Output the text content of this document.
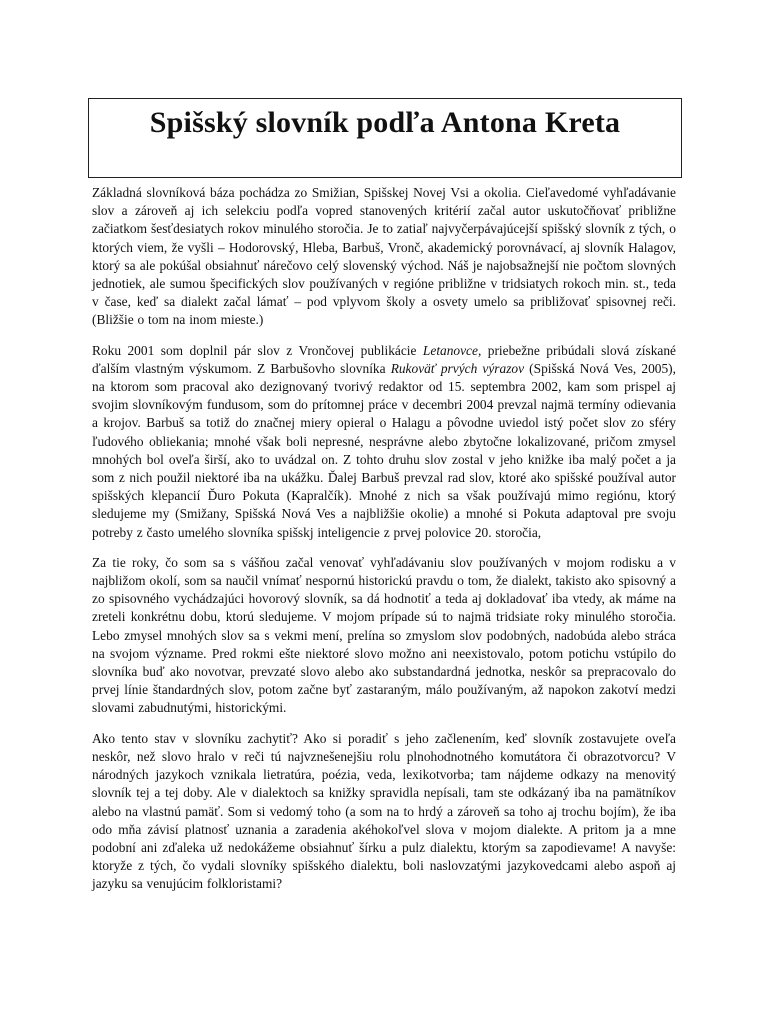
Spišský slovník podľa Antona Kreta

Základná slovníková báza pochádza zo Smižian, Spišskej Novej Vsi a okolia. Cieľavedomé vyhľadávanie slov a zároveň aj ich selekciu podľa vopred stanovených kritérií začal autor uskutočňovať približne začiatkom šesťdesiatych rokov minulého storočia. Je to zatiaľ najvyčerpávajúcejší spišský slovník z tých, o ktorých viem, že vyšli – Hodorovský, Hleba, Barbuš, Vronč, akademický porovnávací, aj slovník Halagov, ktorý sa ale pokúšal obsiahnuť nárečovo celý slovenský východ. Náš je najobsažnejší nie počtom slovných jednotiek, ale sumou špecifických slov používaných v regióne približne v tridsiatych rokoch min. st., teda v čase, keď sa dialekt začal lámať – pod vplyvom školy a osvety umelo sa približovať spisovnej reči. (Bližšie o tom na inom mieste.)

Roku 2001 som doplnil pár slov z Vrončovej publikácie Letanovce, priebežne pribúdali slová získané ďalším vlastným výskumom. Z Barbušovho slovníka Rukoväť prvých výrazov (Spišská Nová Ves, 2005), na ktorom som pracoval ako dezignovaný tvorivý redaktor od 15. septembra 2002, kam som prispel aj svojim slovníkovým fundusom, som do prítomnej práce v decembri 2004 prevzal najmä termíny odievania a krojov. Barbuš sa totiž do značnej miery opieral o Halagu a pôvodne uviedol istý počet slov zo sféry ľudového obliekania; mnohé však boli nepresné, nesprávne alebo zbytočne lokalizované, pričom zmysel mnohých bol oveľa širší, ako to uvádzal on. Z tohto druhu slov zostal v jeho knižke iba malý počet a ja som z nich použil niektoré iba na ukážku. Ďalej Barbuš prevzal rad slov, ktoré ako spišské používal autor spišských klepancií Ďuro Pokuta (Kapralčík). Mnohé z nich sa však používajú mimo regiónu, ktorý sledujeme my (Smižany, Spišská Nová Ves a najbližšie okolie) a mnohé si Pokuta adaptoval pre svoju potreby z často umelého slovníka spišskj inteligencie z prvej polovice 20. storočia,

Za tie roky, čo som sa s vášňou začal venovať vyhľadávaniu slov používaných v mojom rodisku a v najbližom okolí, som sa naučil vnímať nespornú historickú pravdu o tom, že dialekt, takisto ako spisovný a zo spisovného vychádzajúci hovorový slovník, sa dá hodnotiť a teda aj dokladovať iba vtedy, ak máme na zreteli konkrétnu dobu, ktorú sledujeme. V mojom prípade sú to najmä tridsiate roky minulého storočia. Lebo zmysel mnohých slov sa s vekmi mení, prelína so zmyslom slov podobných, nadobúda alebo stráca na svojom význame. Pred rokmi ešte niektoré slovo možno ani neexistovalo, potom potichu vstúpilo do slovníka buď ako novotvar, prevzaté slovo alebo ako substandardná jednotka, neskôr sa prepracovalo do prvej línie štandardných slov, potom začne byť zastaraným, málo používaným, až napokon zakotví medzi slovami zabudnutými, historickými.

Ako tento stav v slovníku zachytiť? Ako si poradiť s jeho začlenením, keď slovník zostavujete oveľa neskôr, než slovo hralo v reči tú najvznešenejšiu rolu plnohodnotného komutátora či obrazotvorcu? V národných jazykoch vznikala lietratúra, poézia, veda, lexikotvorba; tam nájdeme odkazy na menovitý slovník tej a tej doby. Ale v dialektoch sa knižky spravidla nepísali, tam ste odkázaný iba na pamätníkov alebo na vlastnú pamäť. Som si vedomý toho (a som na to hrdý a zároveň sa toho aj trochu bojím), že iba odo mňa závisí platnosť uznania a zaradenia akéhokoľvel slova v mojom dialekte. A pritom ja a mne podobní ani zďaleka už nedokážeme obsiahnuť šírku a pulz dialektu, ktorým sa zapodievame! A navyše: ktoryže z tých, čo vydali slovníky spišského dialektu, boli naslovzatými jazykovedcami alebo aspoň aj jazyku sa venujúcim folkloristami?
